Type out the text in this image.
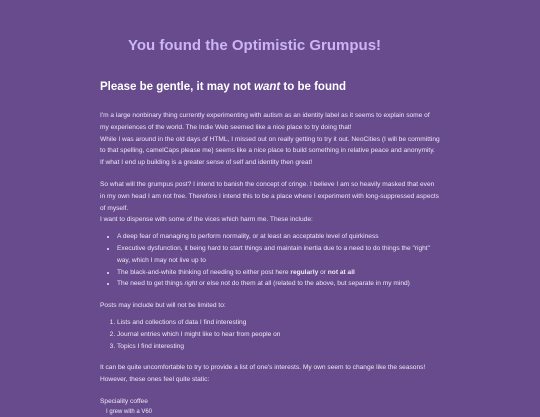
You found the Optimistic Grumpus!
Please be gentle, it may not want to be found

I'm a large nonbinary thing currently experimenting with autism as an identity label as it seems to explain some of my experiences of the world. The Indie Web seemed like a nice place to try doing that!
While I was around in the old days of HTML, I missed out on really getting to try it out. NeoCities (I will be committing to that spelling, camelCaps please me) seems like a nice place to build something in relative peace and anonymity. If what I end up building is a greater sense of self and identity then great!

So what will the grumpus post? I intend to banish the concept of cringe. I believe I am so heavily masked that even in my own head I am not free. Therefore I intend this to be a place where I experiment with long-suppressed aspects of myself.
I want to dispense with some of the vices which harm me. These include:

• A deep fear of managing to perform normality, or at least an acceptable level of quirkiness
• Executive dysfunction, it being hard to start things and maintain inertia due to a need to do things the "right" way, which I may not live up to
• The black-and-white thinking of needing to either post here regularly or not at all
• The need to get things right or else not do them at all (related to the above, but separate in my mind)

Posts may include but will not be limited to:

1. Lists and collections of data I find interesting
2. Journal entries which I might like to hear from people on
3. Topics I find interesting

It can be quite uncomfortable to try to provide a list of one's interests. My own seem to change like the seasons! However, these ones feel quite static:

Speciality coffee

I grew with a V60
